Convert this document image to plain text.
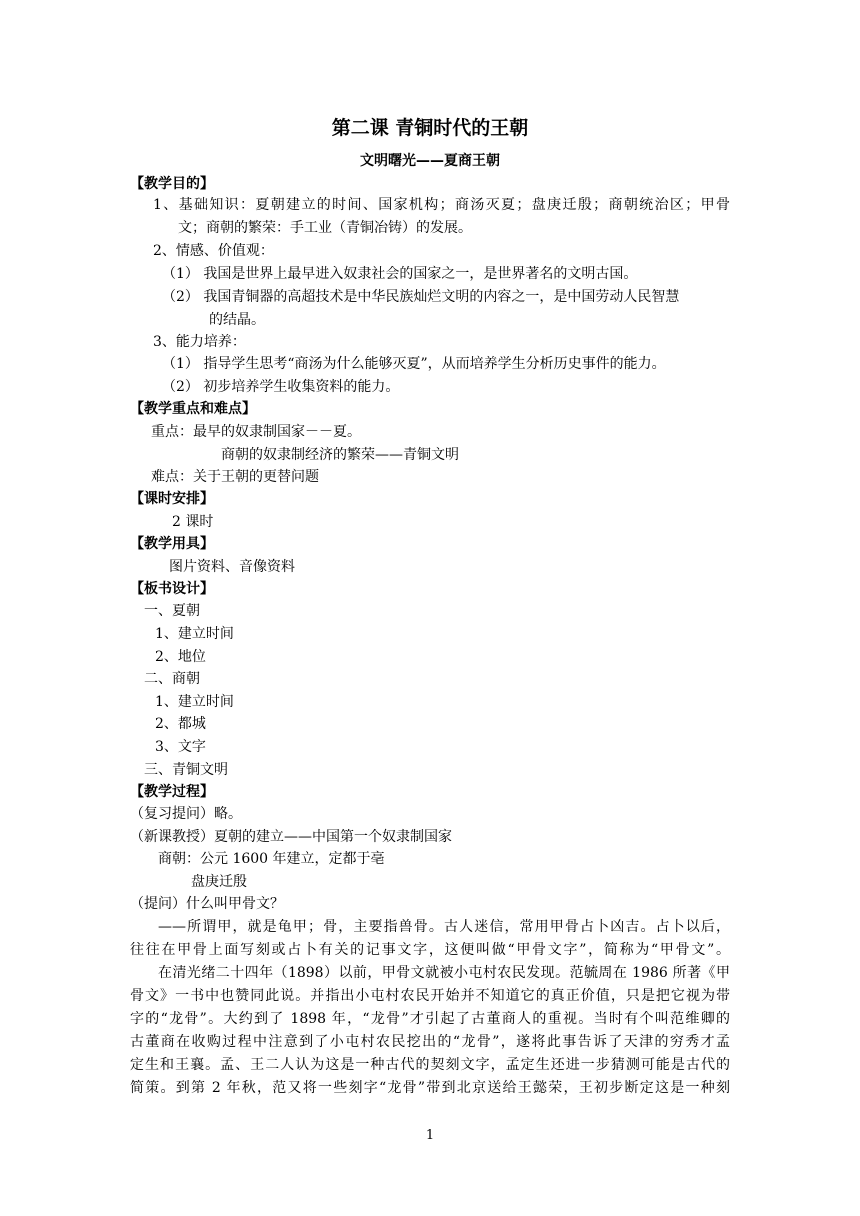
第二课 青铜时代的王朝
文明曙光——夏商王朝
【教学目的】
1、基础知识：夏朝建立的时间、国家机构；商汤灭夏；盘庚迁殷；商朝统治区；甲骨
文；商朝的繁荣：手工业（青铜冶铸）的发展。
2、情感、价值观：
（1） 我国是世界上最早进入奴隶社会的国家之一，是世界著名的文明古国。
（2） 我国青铜器的高超技术是中华民族灿烂文明的内容之一，是中国劳动人民智慧
的结晶。
3、能力培养：
（1） 指导学生思考“商汤为什么能够灭夏”，从而培养学生分析历史事件的能力。
（2） 初步培养学生收集资料的能力。
【教学重点和难点】
重点：最早的奴隶制国家－－夏。
商朝的奴隶制经济的繁荣——青铜文明
难点：关于王朝的更替问题
【课时安排】
2 课时
【教学用具】
图片资料、音像资料
【板书设计】
一、夏朝
1、建立时间
2、地位
二、商朝
1、建立时间
2、都城
3、文字
三、青铜文明
【教学过程】
（复习提问）略。
（新课教授）夏朝的建立——中国第一个奴隶制国家
商朝：公元 1600 年建立，定都于亳
盘庚迁殷
（提问）什么叫甲骨文？
——所谓甲，就是龟甲；骨，主要指兽骨。古人迷信，常用甲骨占卜凶吉。占卜以后，
往往在甲骨上面写刻或占卜有关的记事文字，这便叫做“甲骨文字”，简称为“甲骨文”。
在清光绪二十四年（1898）以前，甲骨文就被小屯村农民发现。范毓周在 1986 所著《甲
骨文》一书中也赞同此说。并指出小屯村农民开始并不知道它的真正价值，只是把它视为带
字的“龙骨”。大约到了 1898 年，“龙骨”才引起了古董商人的重视。当时有个叫范维卿的
古董商在收购过程中注意到了小屯村农民挖出的“龙骨”，遂将此事告诉了天津的穷秀才孟
定生和王襄。孟、王二人认为这是一种古代的契刻文字，孟定生还进一步猜测可能是古代的
简策。到第 2 年秋，范又将一些刻字“龙骨”带到北京送给王懿荣，王初步断定这是一种刻
1
